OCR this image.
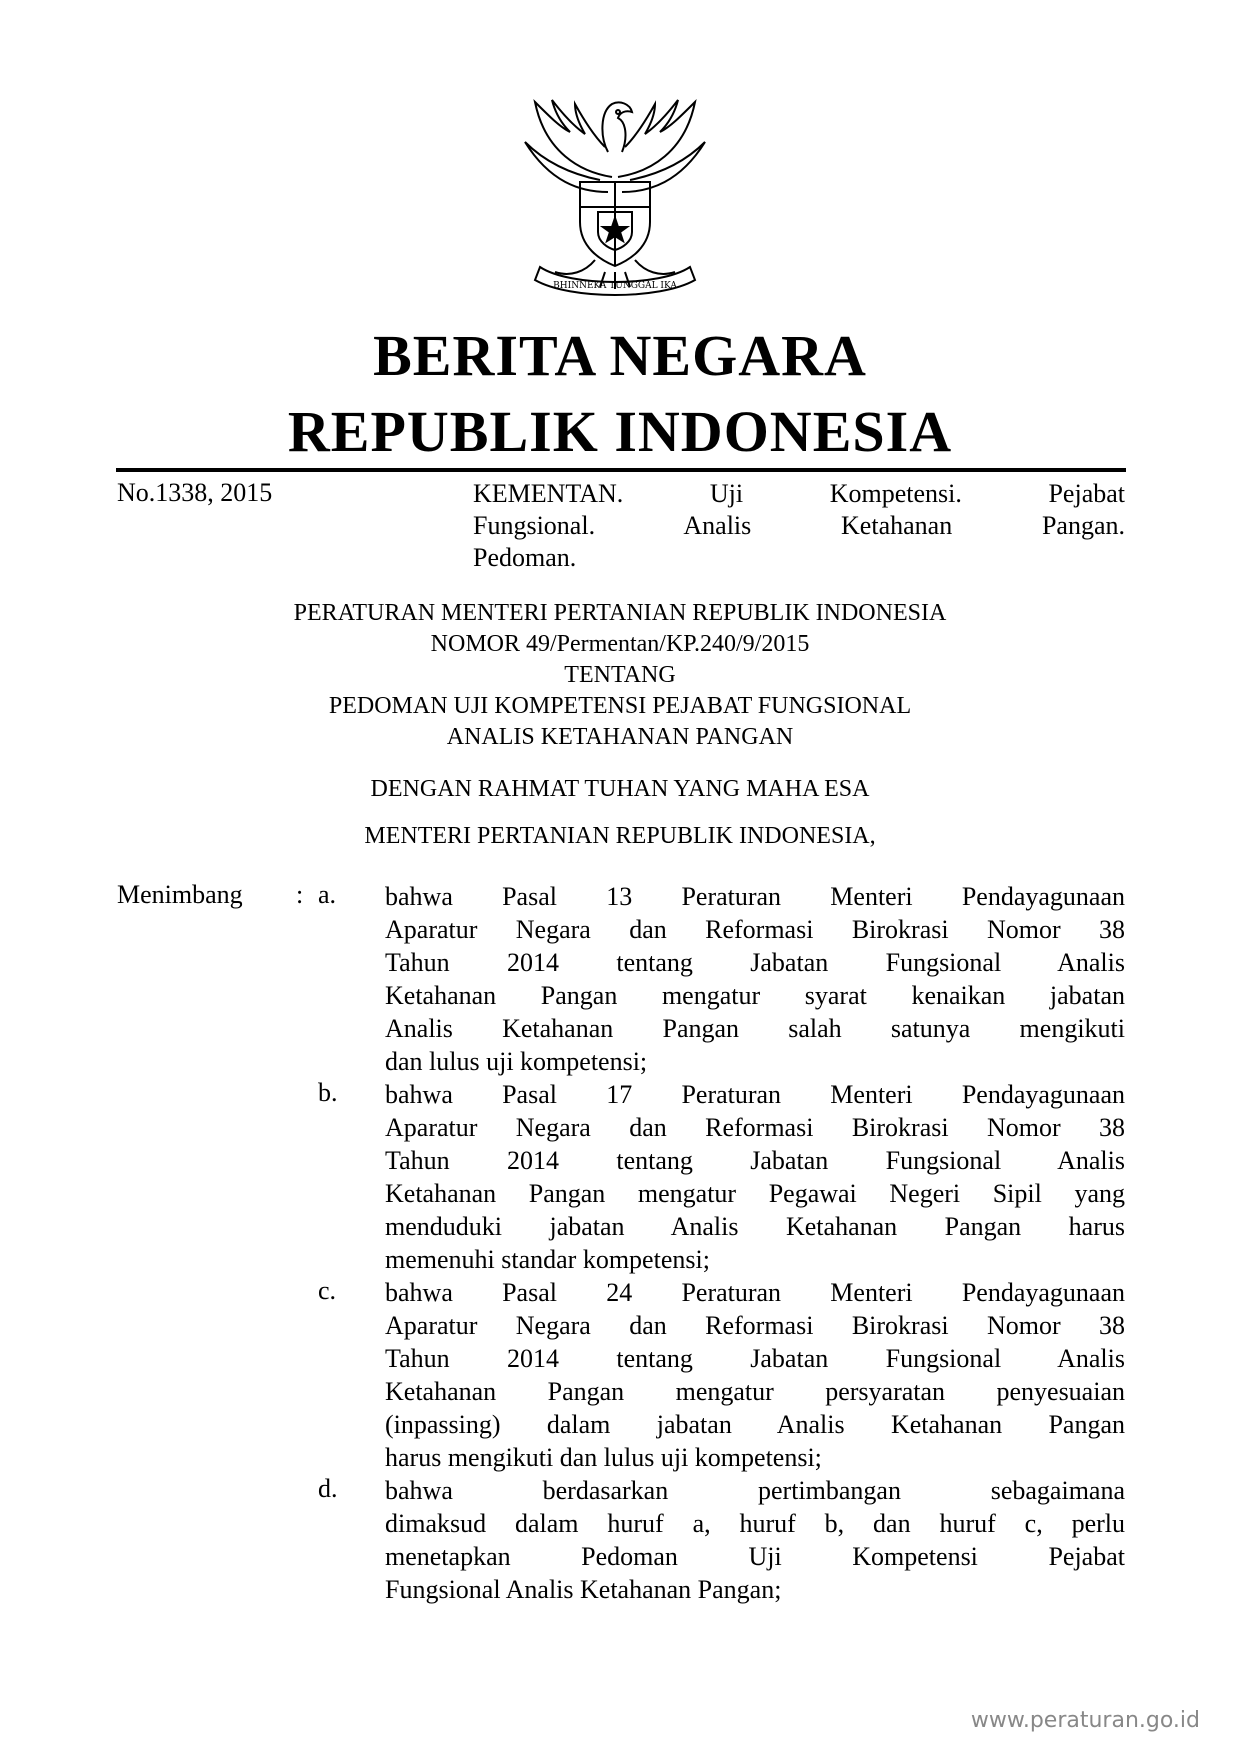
BHINNEKA TUNGGAL IKA
BERITA NEGARA
REPUBLIK INDONESIA
No.1338, 2015	KEMENTAN. Uji Kompetensi. Pejabat
Fungsional. Analis Ketahanan Pangan.
Pedoman.
PERATURAN MENTERI PERTANIAN REPUBLIK INDONESIA
NOMOR 49/Permentan/KP.240/9/2015
TENTANG
PEDOMAN UJI KOMPETENSI PEJABAT FUNGSIONAL
ANALIS KETAHANAN PANGAN
DENGAN RAHMAT TUHAN YANG MAHA ESA
MENTERI PERTANIAN REPUBLIK INDONESIA,
Menimbang : a. bahwa Pasal 13 Peraturan Menteri Pendayagunaan
Aparatur Negara dan Reformasi Birokrasi Nomor 38
Tahun 2014 tentang Jabatan Fungsional Analis
Ketahanan Pangan mengatur syarat kenaikan jabatan
Analis Ketahanan Pangan salah satunya mengikuti
dan lulus uji kompetensi;
b. bahwa Pasal 17 Peraturan Menteri Pendayagunaan
Aparatur Negara dan Reformasi Birokrasi Nomor 38
Tahun 2014 tentang Jabatan Fungsional Analis
Ketahanan Pangan mengatur Pegawai Negeri Sipil yang
menduduki jabatan Analis Ketahanan Pangan harus
memenuhi standar kompetensi;
c. bahwa Pasal 24 Peraturan Menteri Pendayagunaan
Aparatur Negara dan Reformasi Birokrasi Nomor 38
Tahun 2014 tentang Jabatan Fungsional Analis
Ketahanan Pangan mengatur persyaratan penyesuaian
(inpassing) dalam jabatan Analis Ketahanan Pangan
harus mengikuti dan lulus uji kompetensi;
d. bahwa berdasarkan pertimbangan sebagaimana
dimaksud dalam huruf a, huruf b, dan huruf c, perlu
menetapkan Pedoman Uji Kompetensi Pejabat
Fungsional Analis Ketahanan Pangan;
www.peraturan.go.id
